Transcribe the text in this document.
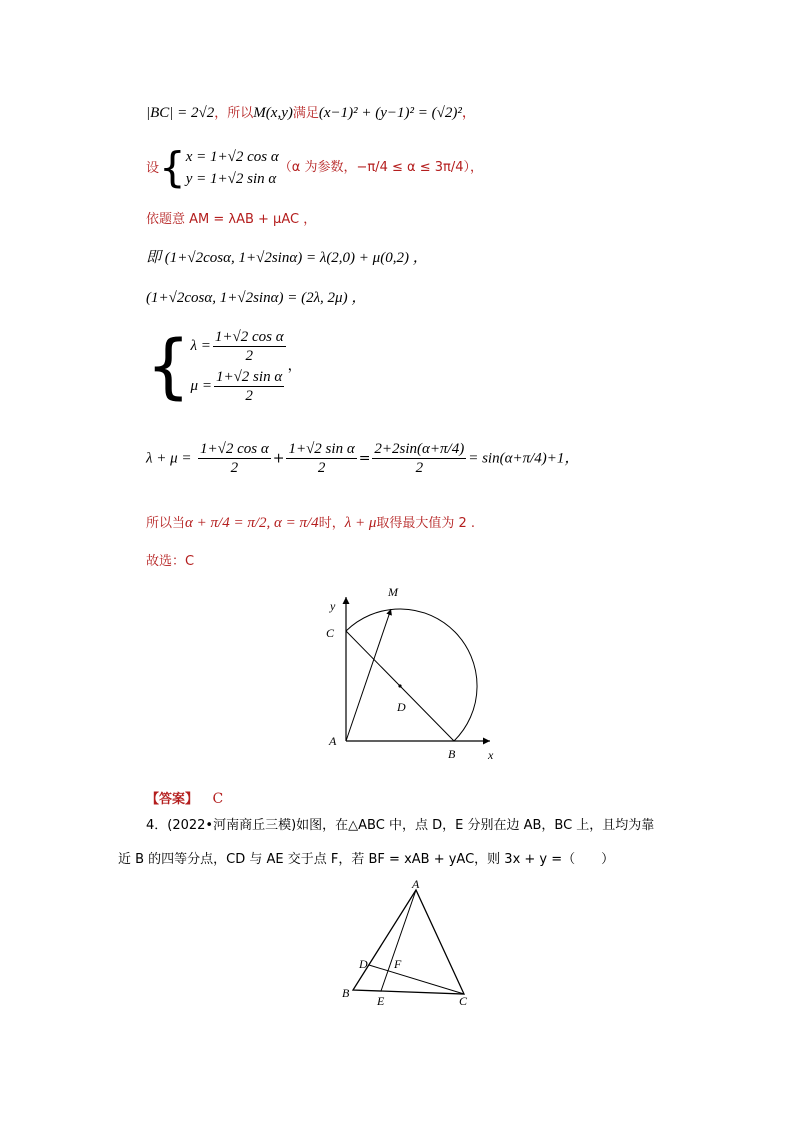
|BC| = 2√2，所以M(x,y)满足(x−1)² + (y−1)² = (√2)²，
设{ x = 1+√2 cos α
y = 1+√2 sin α
（α 为参数，−π/4 ≤ α ≤ 3π/4），
依题意 AM = λAB + μAC ，
即 (1+√2cosα, 1+√2sinα) = λ(2,0) + μ(0,2) ，
(1+√2cosα, 1+√2sinα) = (2λ, 2μ) ，
{ $\lambda = \frac{\text{1+√2 cos α}}{2}$
$\mu = \frac{\text{1+√2 sin α}}{2}$
，
$\lambda + \mu = \frac{\text{1+√2 cos α}}{2} + \frac{\text{1+√2 sin α}}{2} = \frac{2+2\sin(\alpha+\pi/4)}{2} = \sin(\alpha+\pi/4)+1$，
所以当α + π/4 = π/2, α = π/4时，λ + μ取得最大值为 2 .
故选：C
y
x
M
C
D
A
B
【答案】 C
4．(2022•河南商丘三模)如图，在△ABC 中，点 D，E 分别在边 AB，BC 上，且均为靠
近 B 的四等分点，CD 与 AE 交于点 F，若 BF = xAB + yAC，则 3x + y =（　　）
A
B
C
D
E
F
